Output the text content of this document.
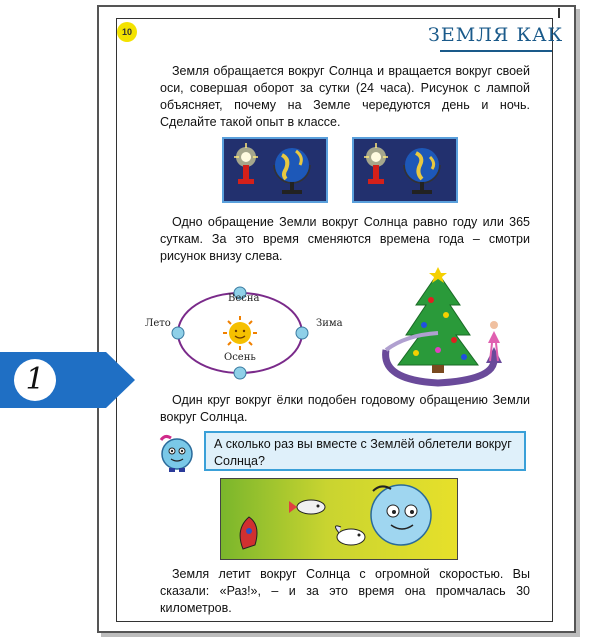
10	ЗЕМЛЯ КАК
Земля обращается вокруг Солнца и вращается вокруг своей оси, совершая оборот за сутки (24 часа). Рисунок с лампой объясняет, почему на Земле чередуются день и ночь. Сделайте такой опыт в классе.
Одно обращение Земли вокруг Солнца равно году или 365 суткам. За это время сменяются времена года – смотри рисунок внизу слева.
Весна
Лето	Зима
Осень
1
Один круг вокруг ёлки подобен годовому обращению Земли вокруг Солнца.
А сколько раз вы вместе с Землёй облетели вокруг Солнца?
Земля летит вокруг Солнца с огромной скоростью. Вы сказали: «Раз!», – и за это время она промчалась 30 километров.
